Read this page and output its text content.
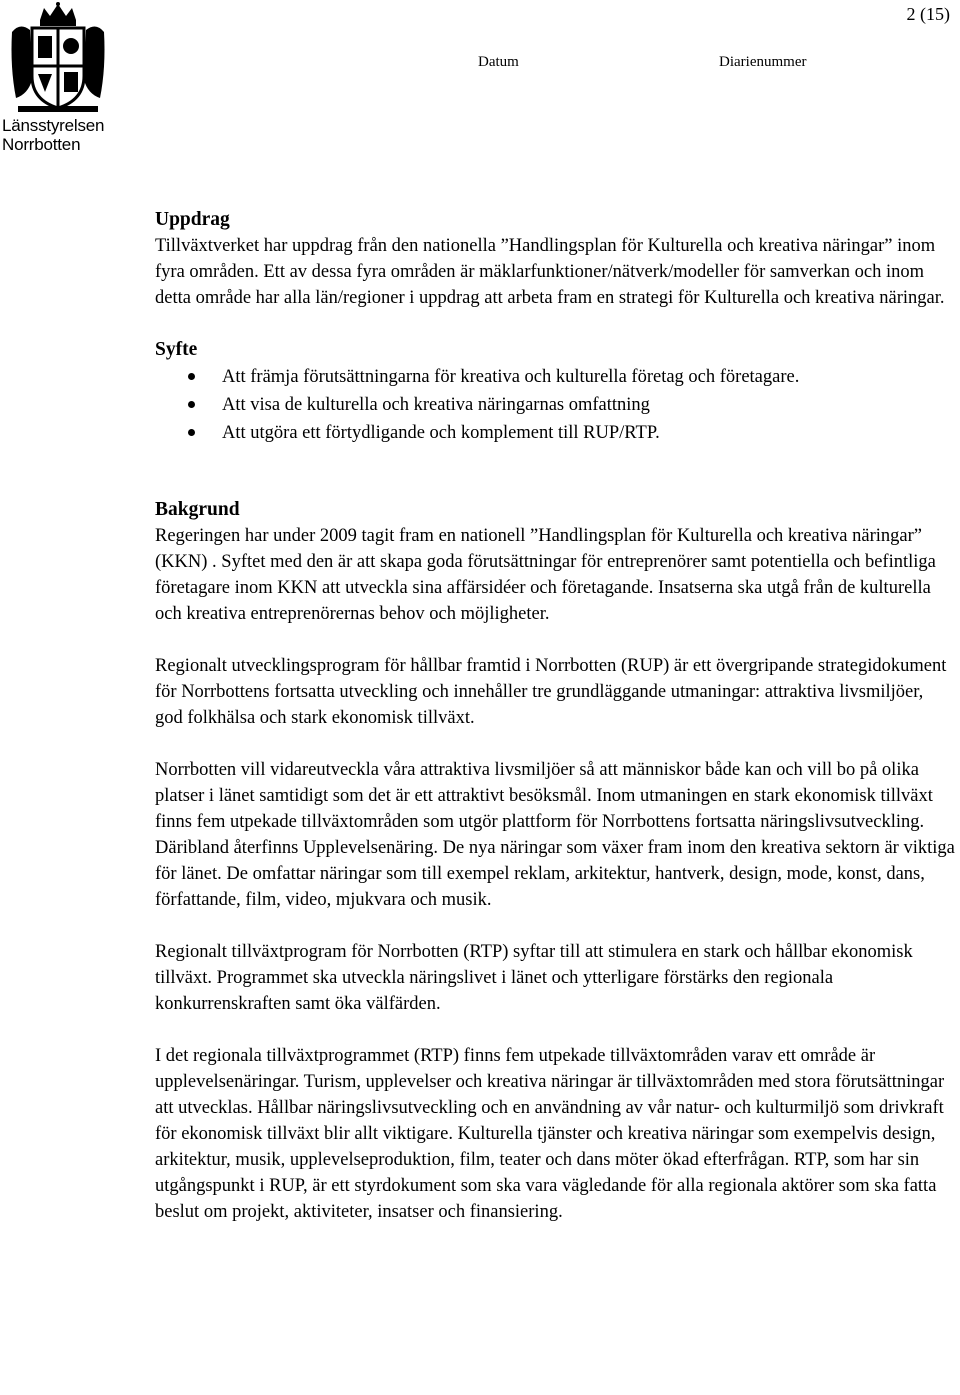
Länsstyrelsen
Norrbotten
2 (15)
Datum	Diarienummer
Uppdrag

Tillväxtverket har uppdrag från den nationella ”Handlingsplan för Kulturella och kreativa näringar” inom fyra områden. Ett av dessa fyra områden är mäklarfunktioner/nätverk/modeller för samverkan och inom detta område har alla län/regioner i uppdrag att arbeta fram en strategi för Kulturella och kreativa näringar.

Syfte
Att främja förutsättningarna för kreativa och kulturella företag och företagare.
Att visa de kulturella och kreativa näringarnas omfattning
Att utgöra ett förtydligande och komplement till RUP/RTP.
Bakgrund

Regeringen har under 2009 tagit fram en nationell ”Handlingsplan för Kulturella och kreativa näringar” (KKN) . Syftet med den är att skapa goda förutsättningar för entreprenörer samt potentiella och befintliga företagare inom KKN att utveckla sina affärsidéer och företagande. Insatserna ska utgå från de kulturella och kreativa entreprenörernas behov och möjligheter.

Regionalt utvecklingsprogram för hållbar framtid i Norrbotten (RUP) är ett övergripande strategidokument för Norrbottens fortsatta utveckling och innehåller tre grundläggande utmaningar: attraktiva livsmiljöer, god folkhälsa och stark ekonomisk tillväxt.

Norrbotten vill vidareutveckla våra attraktiva livsmiljöer så att människor både kan och vill bo på olika platser i länet samtidigt som det är ett attraktivt besöksmål. Inom utmaningen en stark ekonomisk tillväxt finns fem utpekade tillväxtområden som utgör plattform för Norrbottens fortsatta näringslivsutveckling. Däribland återfinns Upplevelsenäring. De nya näringar som växer fram inom den kreativa sektorn är viktiga för länet. De omfattar näringar som till exempel reklam, arkitektur, hantverk, design, mode, konst, dans, författande, film, video, mjukvara och musik.

Regionalt tillväxtprogram för Norrbotten (RTP) syftar till att stimulera en stark och hållbar ekonomisk tillväxt. Programmet ska utveckla näringslivet i länet och ytterligare förstärks den regionala konkurrenskraften samt öka välfärden.

I det regionala tillväxtprogrammet (RTP) finns fem utpekade tillväxtområden varav ett område är upplevelsenäringar. Turism, upplevelser och kreativa näringar är tillväxtområden med stora förutsättningar att utvecklas. Hållbar näringslivsutveckling och en användning av vår natur- och kulturmiljö som drivkraft för ekonomisk tillväxt blir allt viktigare. Kulturella tjänster och kreativa näringar som exempelvis design, arkitektur, musik, upplevelseproduktion, film, teater och dans möter ökad efterfrågan. RTP, som har sin utgångspunkt i RUP, är ett styrdokument som ska vara vägledande för alla regionala aktörer som ska fatta beslut om projekt, aktiviteter, insatser och finansiering.
